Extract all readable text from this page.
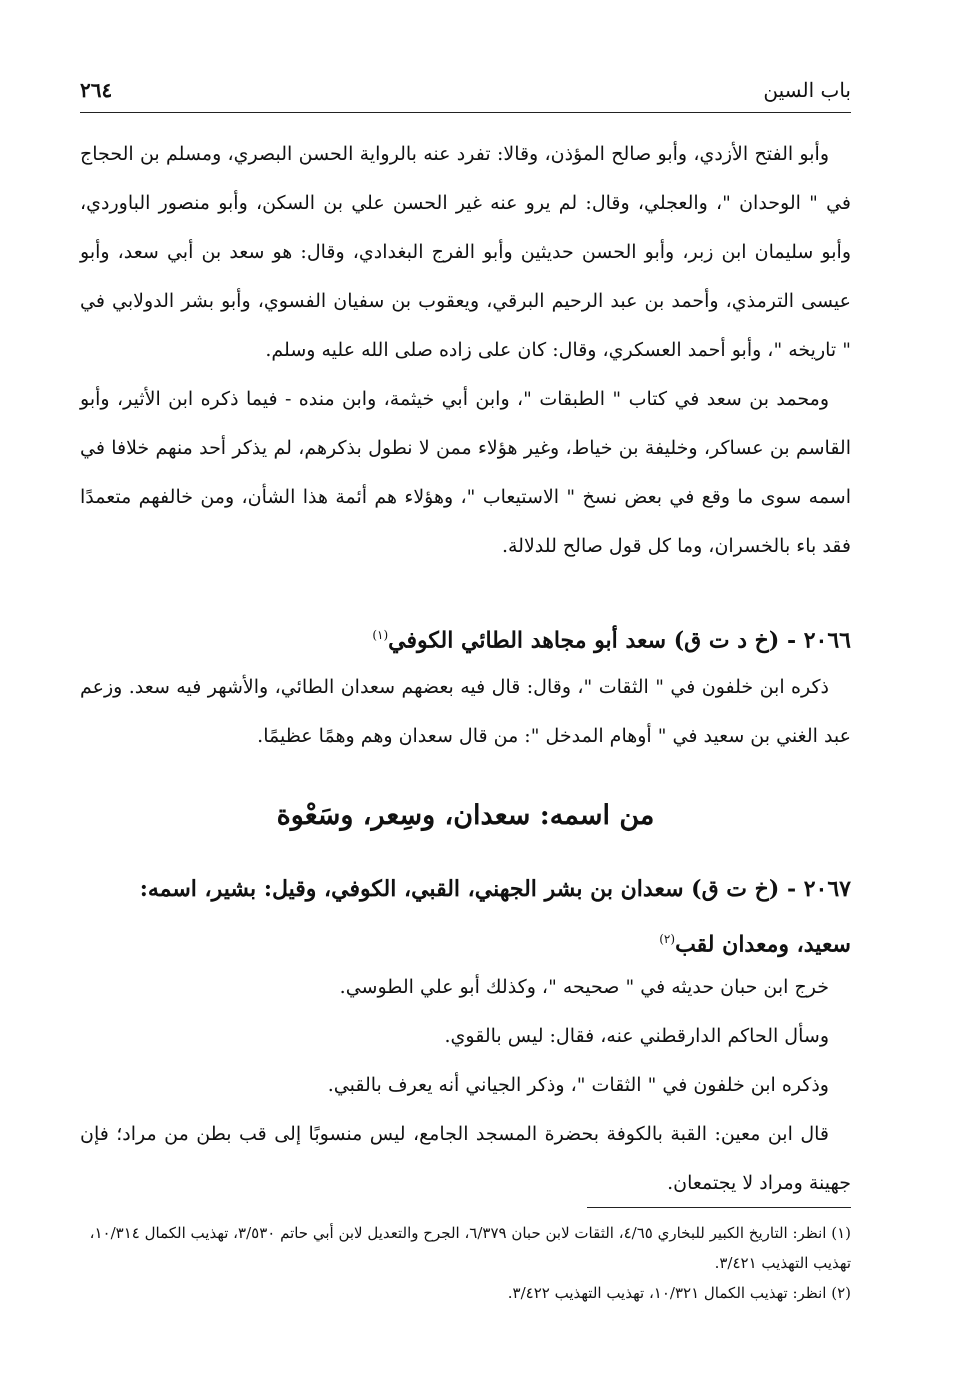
٢٦٤	باب السين

وأبو الفتح الأزدي، وأبو صالح المؤذن، وقالا: تفرد عنه بالرواية الحسن البصري، ومسلم بن الحجاج في " الوحدان "، والعجلي، وقال: لم يرو عنه غير الحسن علي بن السكن، وأبو منصور الباوردي، وأبو سليمان ابن زبر، وأبو الحسن حديثين وأبو الفرج البغدادي، وقال: هو سعد بن أبي سعد، وأبو عيسى الترمذي، وأحمد بن عبد الرحيم البرقي، ويعقوب بن سفيان الفسوي، وأبو بشر الدولابي في " تاريخه "، وأبو أحمد العسكري، وقال: كان على زاده صلى الله عليه وسلم.

ومحمد بن سعد في كتاب " الطبقات "، وابن أبي خيثمة، وابن منده - فيما ذكره ابن الأثير، وأبو القاسم بن عساكر، وخليفة بن خياط، وغير هؤلاء ممن لا نطول بذكرهم، لم يذكر أحد منهم خلافا في اسمه سوى ما وقع في بعض نسخ " الاستيعاب "، وهؤلاء هم أئمة هذا الشأن، ومن خالفهم متعمدًا فقد باء بالخسران، وما كل قول صالح للدلالة.

٢٠٦٦ - (خ د ت ق) سعد أبو مجاهد الطائي الكوفي$^{(١)}$

ذكره ابن خلفون في " الثقات "، وقال: قال فيه بعضهم سعدان الطائي، والأشهر فيه سعد. وزعم عبد الغني بن سعيد في " أوهام المدخل ": من قال سعدان وهم وهمًا عظيمًا.

من اسمه: سعدان، وسِعر، وسَعْوة
٢٠٦٧ - (خ ت ق) سعدان بن بشر الجهني، القبي، الكوفي، وقيل: بشير، اسمه: سعيد، ومعدان لقب$^{(٢)}$

خرج ابن حبان حديثه في " صحيحه "، وكذلك أبو علي الطوسي.

وسأل الحاكم الدارقطني عنه، فقال: ليس بالقوي.

وذكره ابن خلفون في " الثقات "، وذكر الجياني أنه يعرف بالقبي.

قال ابن معين: القبة بالكوفة بحضرة المسجد الجامع، ليس منسوبًا إلى قب بطن من مراد؛ فإن جهينة ومراد لا يجتمعان.

(١) انظر: التاريخ الكبير للبخاري ٤/٦٥، الثقات لابن حبان ٦/٣٧٩، الجرح والتعديل لابن أبي حاتم ٣/٥٣٠، تهذيب الكمال ١٠/٣١٤، تهذيب التهذيب ٣/٤٢١.

(٢) انظر: تهذيب الكمال ١٠/٣٢١، تهذيب التهذيب ٣/٤٢٢.
